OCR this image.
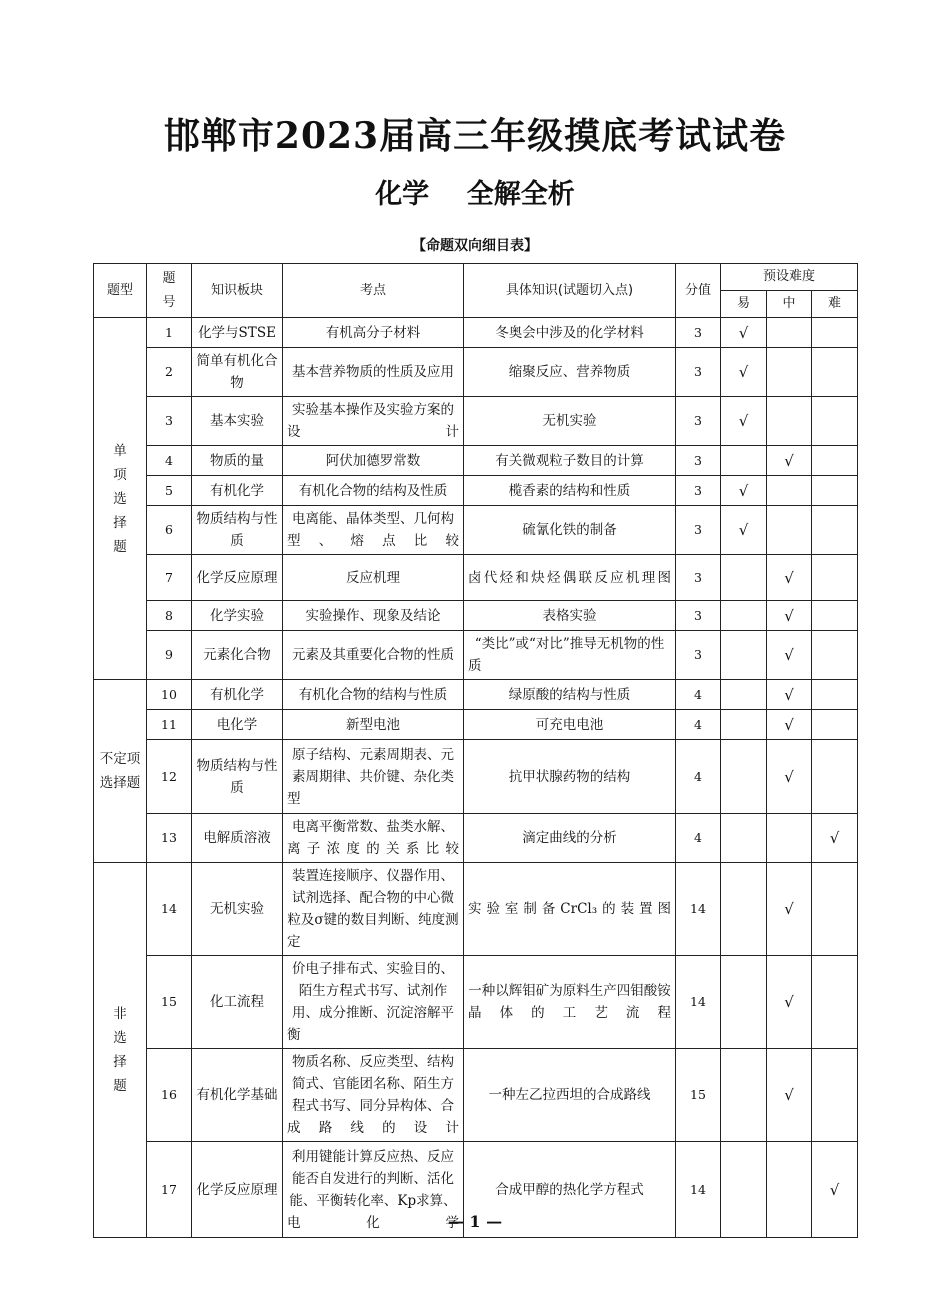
邯郸市2023届高三年级摸底考试试卷
化学    全解全析
【命题双向细目表】
题型	题号	知识板块	考点	具体知识(试题切入点)	分值	预设难度		
						易	中	难
单项选择题	1	化学与STSE	有机高分子材料	冬奥会中涉及的化学材料	3	√		
	2	简单有机化合物	基本营养物质的性质及应用	缩聚反应、营养物质	3	√		
	3	基本实验	实验基本操作及实验方案的设计	无机实验	3	√		
	4	物质的量	阿伏加德罗常数	有关微观粒子数目的计算	3		√	
	5	有机化学	有机化合物的结构及性质	榄香素的结构和性质	3	√		
	6	物质结构与性质	电离能、晶体类型、几何构型、熔点比较	硫氰化铁的制备	3	√		
	7	化学反应原理	反应机理	卤代烃和炔烃偶联反应机理图	3		√	
	8	化学实验	实验操作、现象及结论	表格实验	3		√	
	9	元素化合物	元素及其重要化合物的性质	“类比”或“对比”推导无机物的性质	3		√	
不定项选择题	10	有机化学	有机化合物的结构与性质	绿原酸的结构与性质	4		√	
	11	电化学	新型电池	可充电电池	4		√	
	12	物质结构与性质	原子结构、元素周期表、元素周期律、共价键、杂化类型	抗甲状腺药物的结构	4		√	
	13	电解质溶液	电离平衡常数、盐类水解、离子浓度的关系比较	滴定曲线的分析	4			√
非选择题	14	无机实验	装置连接顺序、仪器作用、试剂选择、配合物的中心微粒及σ键的数目判断、纯度测定	实验室制备CrCl₃的装置图	14		√	
	15	化工流程	价电子排布式、实验目的、陌生方程式书写、试剂作用、成分推断、沉淀溶解平衡	一种以辉钼矿为原料生产四钼酸铵晶体的工艺流程	14		√	
	16	有机化学基础	物质名称、反应类型、结构简式、官能团名称、陌生方程式书写、同分异构体、合成路线的设计	一种左乙拉西坦的合成路线	15		√	
	17	化学反应原理	利用键能计算反应热、反应能否自发进行的判断、活化能、平衡转化率、Kp求算、电化学	合成甲醇的热化学方程式	14			√
— 1 —
